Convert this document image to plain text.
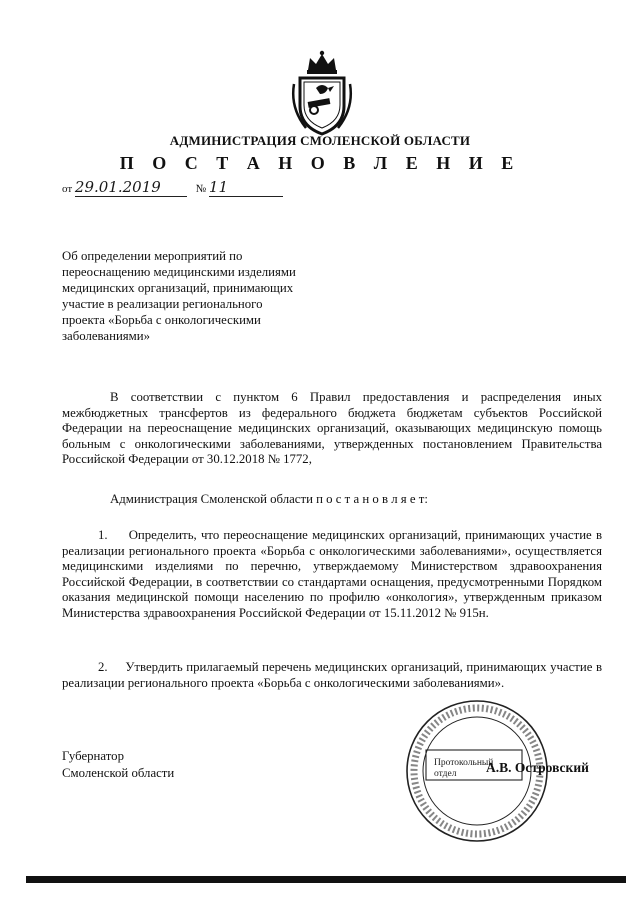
АДМИНИСТРАЦИЯ СМОЛЕНСКОЙ ОБЛАСТИ
П О С Т А Н О В Л Е Н И Е
от 29.01.2019	№ 11
Об определении мероприятий по переоснащению медицинскими изделиями медицинских организаций, принимающих участие в реализации регионального проекта «Борьба с онкологическими заболеваниями»
В соответствии с пунктом 6 Правил предоставления и распределения иных межбюджетных трансфертов из федерального бюджета бюджетам субъектов Российской Федерации на переоснащение медицинских организаций, оказывающих медицинскую помощь больным с онкологическими заболеваниями, утвержденных постановлением Правительства Российской Федерации от 30.12.2018 № 1772,
Администрация Смоленской области п о с т а н о в л я е т:
1. Определить, что переоснащение медицинских организаций, принимающих участие в реализации регионального проекта «Борьба с онкологическими заболеваниями», осуществляется медицинскими изделиями по перечню, утверждаемому Министерством здравоохранения Российской Федерации, в соответствии со стандартами оснащения, предусмотренными Порядком оказания медицинской помощи населению по профилю «онкология», утвержденным приказом Министерства здравоохранения Российской Федерации от 15.11.2012 № 915н.
2. Утвердить прилагаемый перечень медицинских организаций, принимающих участие в реализации регионального проекта «Борьба с онкологическими заболеваниями».
Губернатор
Смоленской области
Протокольный
отдел	А.В. Островский
